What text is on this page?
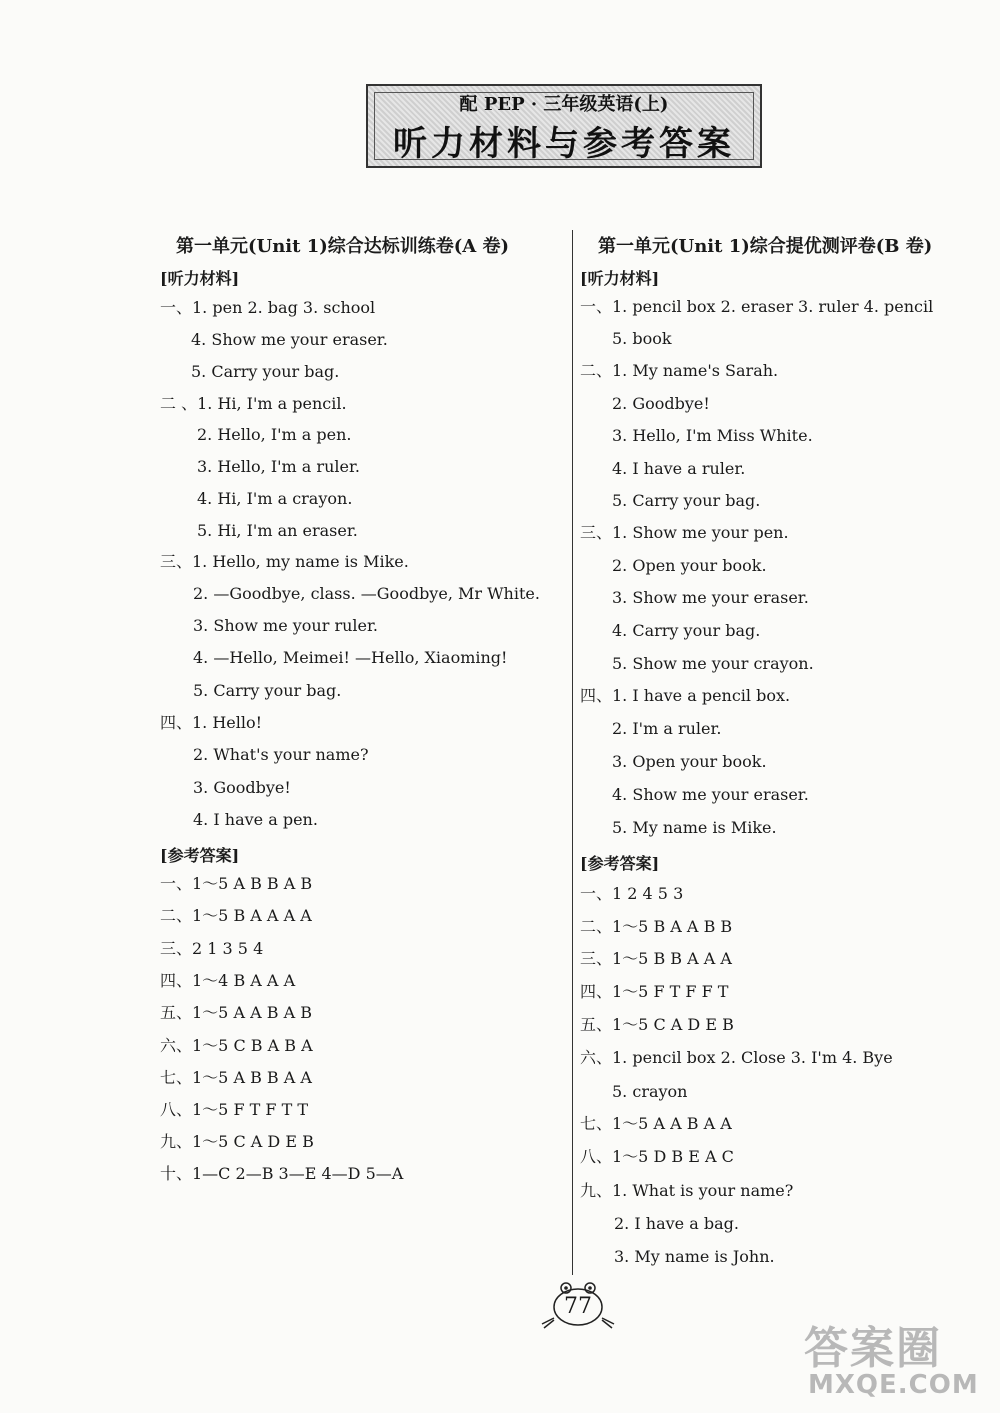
配 PEP · 三年级英语(上)
听力材料与参考答案
第一单元(Unit 1)综合达标训练卷(A 卷)
[听力材料]
一、1. pen 2. bag 3. school
4. Show me your eraser.
5. Carry your bag.
二 、1. Hi, I'm a pencil.
2. Hello, I'm a pen.
3. Hello, I'm a ruler.
4. Hi, I'm a crayon.
5. Hi, I'm an eraser.
三、1. Hello, my name is Mike.
2. —Goodbye, class. —Goodbye, Mr White.
3. Show me your ruler.
4. —Hello, Meimei! —Hello, Xiaoming!
5. Carry your bag.
四、1. Hello!
2. What's your name?
3. Goodbye!
4. I have a pen.
[参考答案]
一、1～5 A B B A B
二、1～5 B A A A A
三、2 1 3 5 4
四、1～4 B A A A
五、1～5 A A B A B
六、1～5 C B A B A
七、1～5 A B B A A
八、1～5 F T F T T
九、1～5 C A D E B
十、1—C 2—B 3—E 4—D 5—A
第一单元(Unit 1)综合提优测评卷(B 卷)
[听力材料]
一、1. pencil box 2. eraser 3. ruler 4. pencil
5. book
二、1. My name's Sarah.
2. Goodbye!
3. Hello, I'm Miss White.
4. I have a ruler.
5. Carry your bag.
三、1. Show me your pen.
2. Open your book.
3. Show me your eraser.
4. Carry your bag.
5. Show me your crayon.
四、1. I have a pencil box.
2. I'm a ruler.
3. Open your book.
4. Show me your eraser.
5. My name is Mike.
[参考答案]
一、1 2 4 5 3
二、1～5 B A A B B
三、1～5 B B A A A
四、1～5 F T F F T
五、1～5 C A D E B
六、1. pencil box 2. Close 3. I'm 4. Bye
5. crayon
七、1～5 A A B A A
八、1～5 D B E A C
九、1. What is your name?
2. I have a bag.
3. My name is John.
77
答案圈
MXQE.COM
